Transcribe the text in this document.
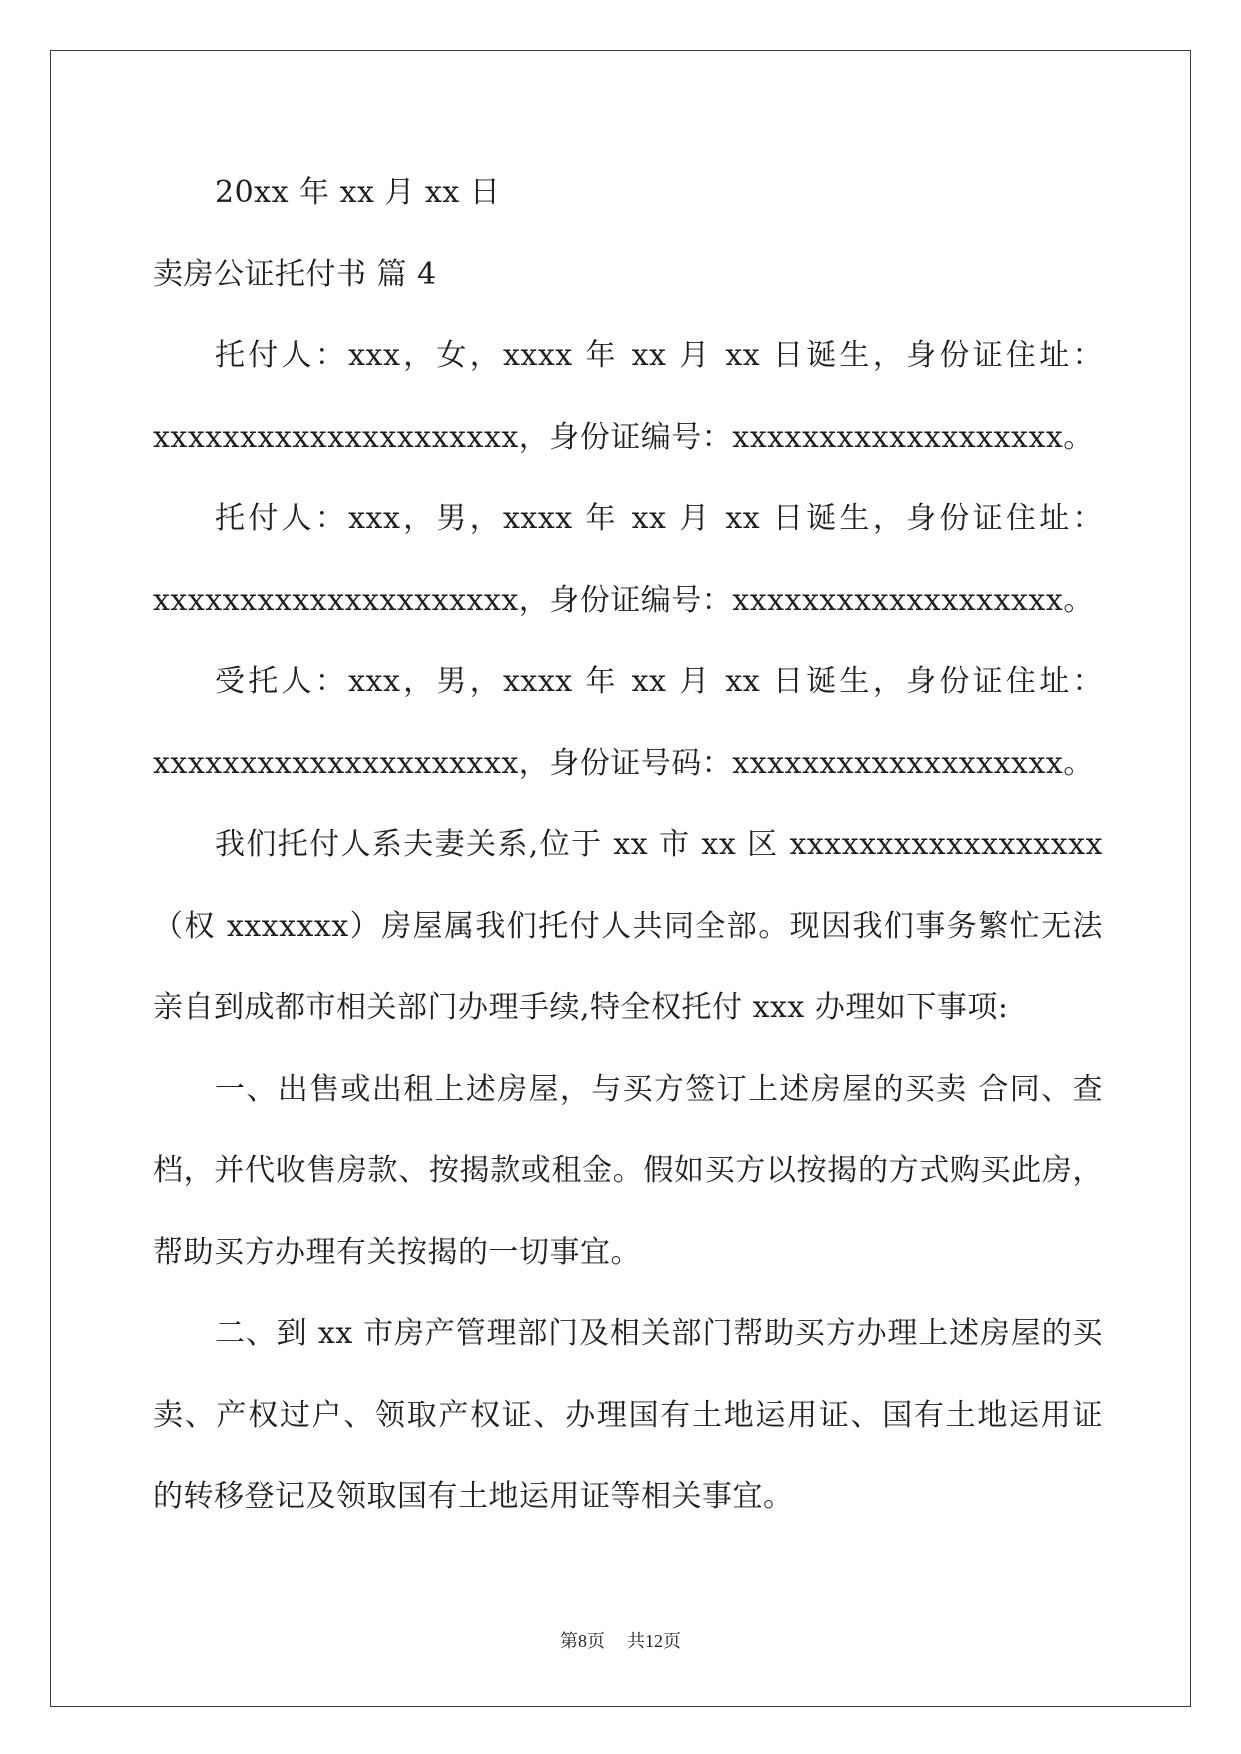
20xx 年 xx 月 xx 日
卖房公证托付书 篇 4
托付人：xxx，女，xxxx 年 xx 月 xx 日诞生，身份证住址：
xxxxxxxxxxxxxxxxxxxxx，身份证编号：xxxxxxxxxxxxxxxxxxx。
托付人：xxx，男，xxxx 年 xx 月 xx 日诞生，身份证住址：
xxxxxxxxxxxxxxxxxxxxx，身份证编号：xxxxxxxxxxxxxxxxxxx。
受托人：xxx，男，xxxx 年 xx 月 xx 日诞生，身份证住址：
xxxxxxxxxxxxxxxxxxxxx，身份证号码：xxxxxxxxxxxxxxxxxxx。
我们托付人系夫妻关系,位于 xx 市 xx 区 xxxxxxxxxxxxxxxxxx
（权 xxxxxxx）房屋属我们托付人共同全部。现因我们事务繁忙无法
亲自到成都市相关部门办理手续,特全权托付 xxx 办理如下事项:
一、出售或出租上述房屋，与买方签订上述房屋的买卖 合同、查
档，并代收售房款、按揭款或租金。假如买方以按揭的方式购买此房，
帮助买方办理有关按揭的一切事宜。
二、到 xx 市房产管理部门及相关部门帮助买方办理上述房屋的买
卖、产权过户、领取产权证、办理国有土地运用证、国有土地运用证
的转移登记及领取国有土地运用证等相关事宜。
第8页 共12页
